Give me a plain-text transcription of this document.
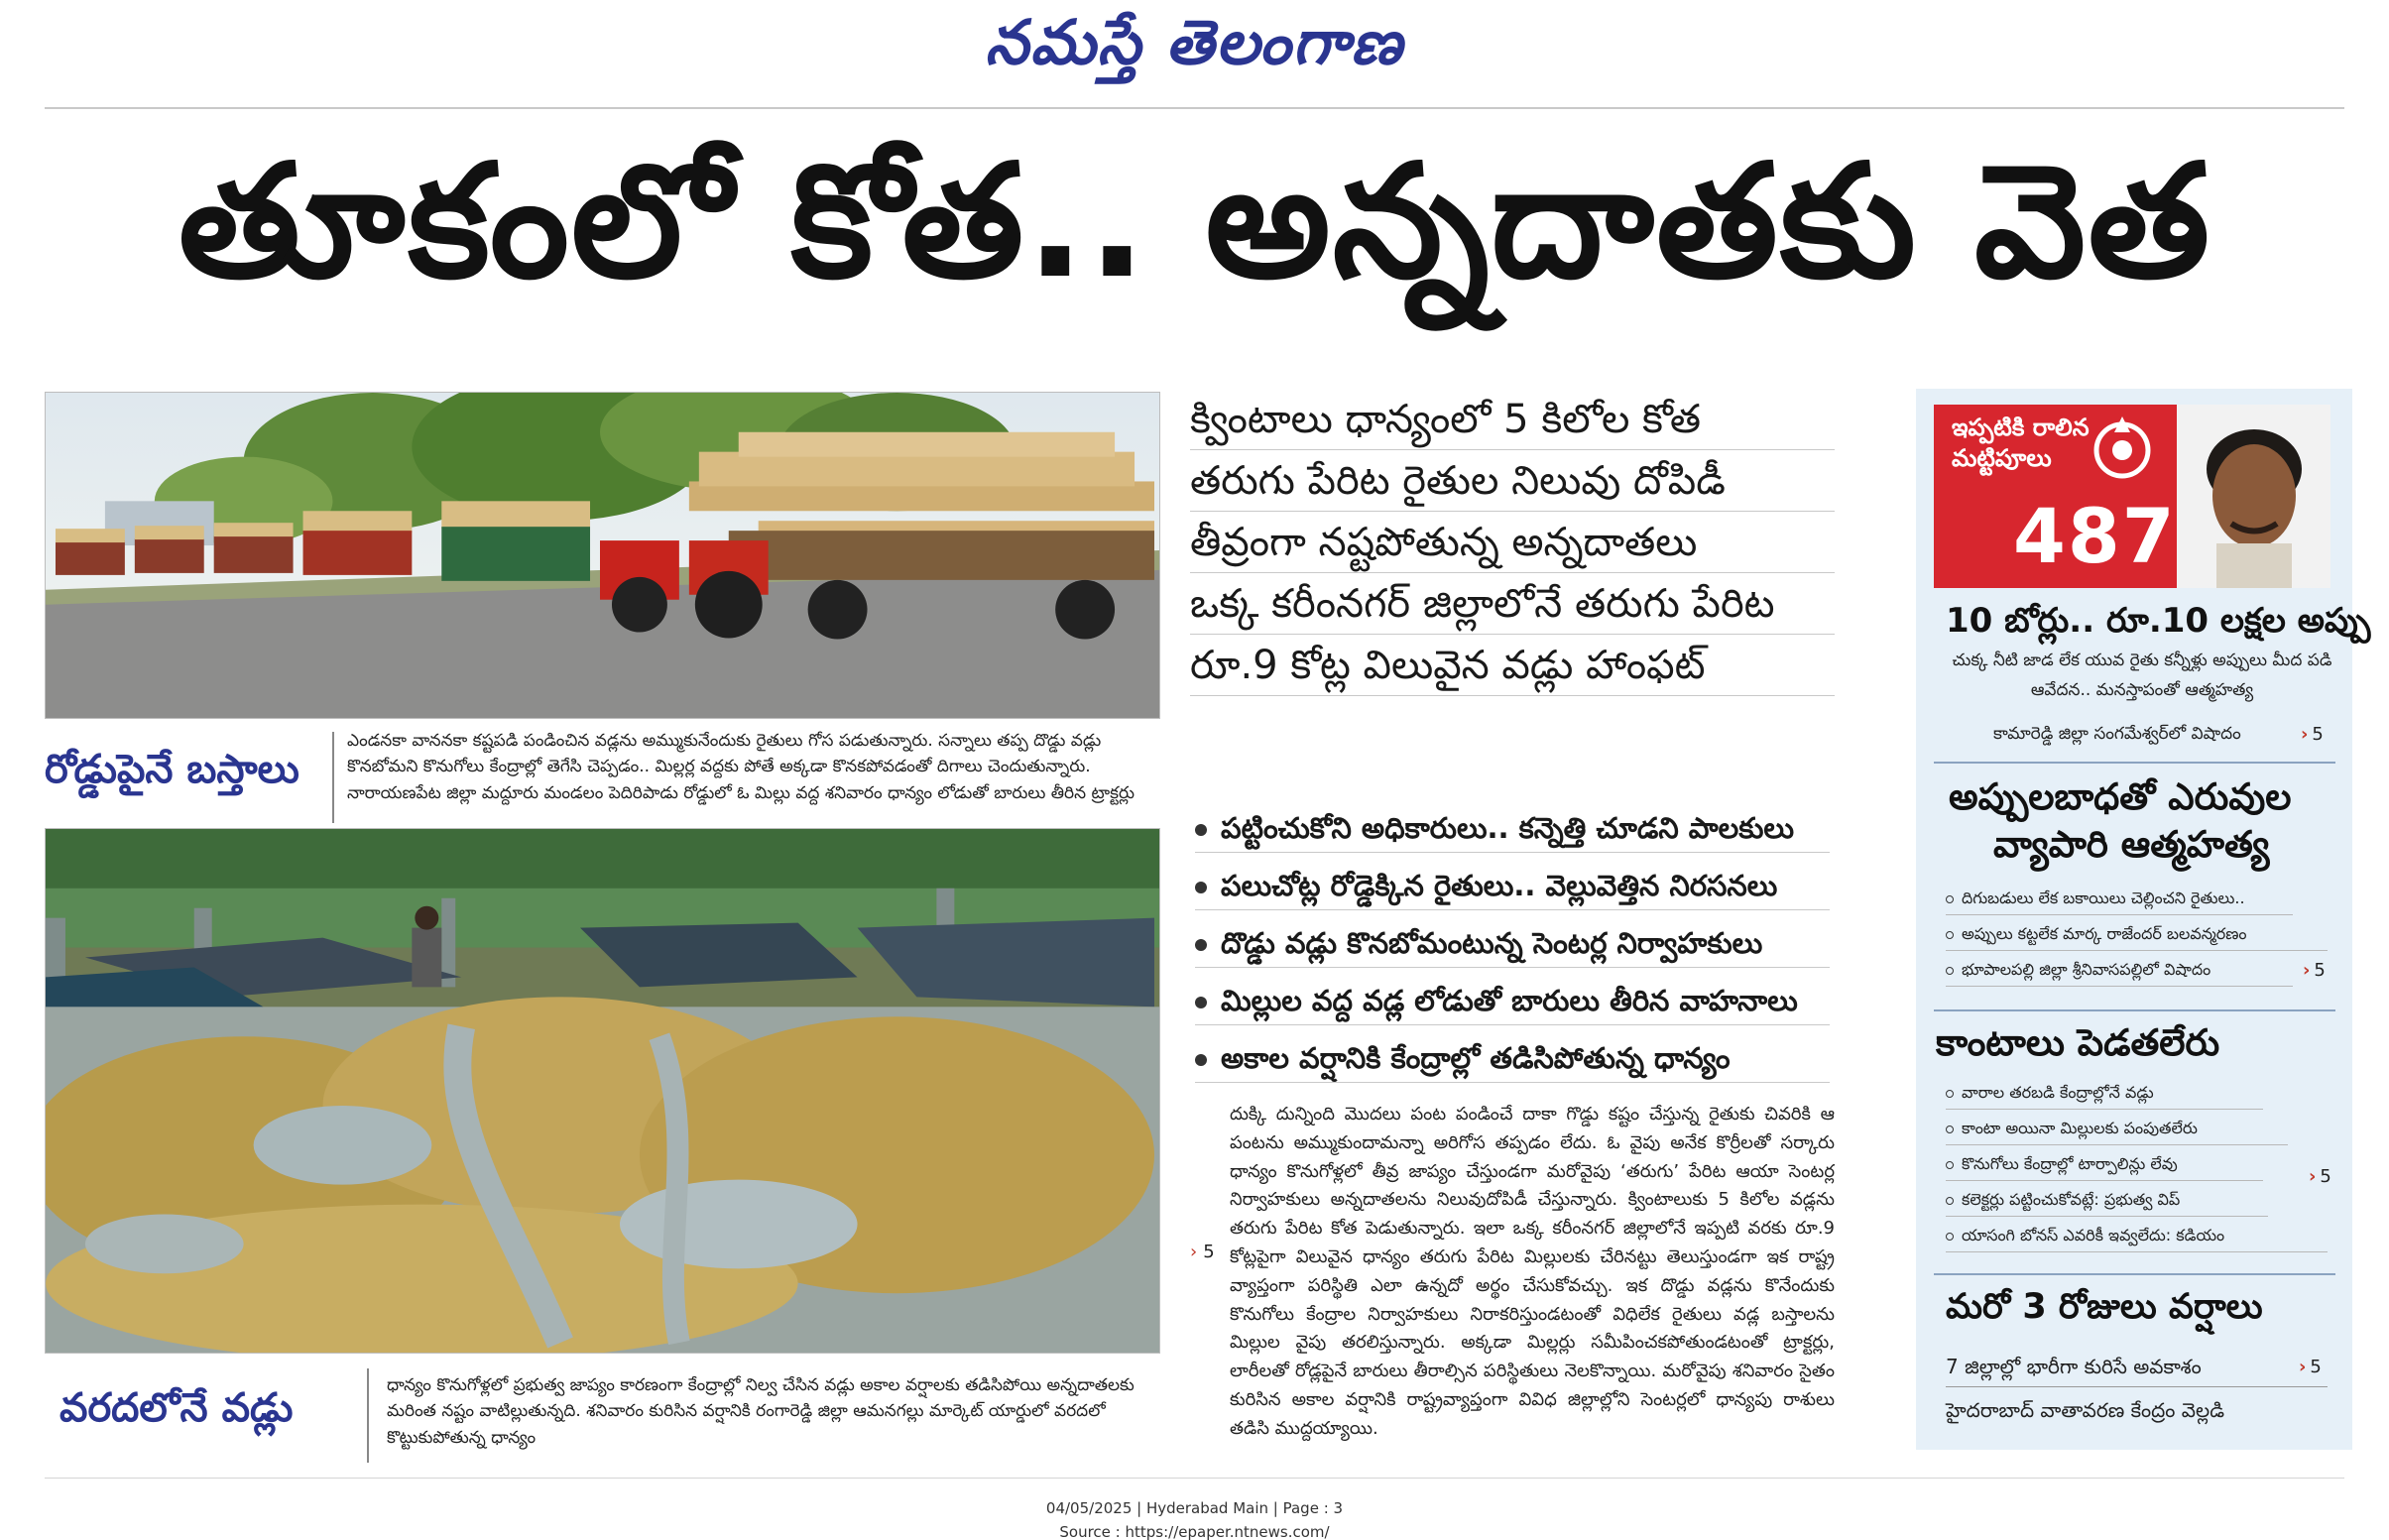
నమస్తే తెలంగాణ
తూకంలో కోత.. అన్నదాతకు వెత
రోడ్డుపైనే బస్తాలు
ఎండనకా వాననకా కష్టపడి పండించిన వడ్లను అమ్ముకునేందుకు రైతులు గోస పడుతున్నారు. సన్నాలు తప్ప దొడ్డు వడ్లు కొనబోమని కొనుగోలు కేంద్రాల్లో తెగేసి చెప్పడం.. మిల్లర్ల వద్దకు పోతే అక్కడా కొనకపోవడంతో దిగాలు చెందుతున్నారు. నారాయణపేట జిల్లా మద్దూరు మండలం పెదిరిపాడు రోడ్డులో ఓ మిల్లు వద్ద శనివారం ధాన్యం లోడుతో బారులు తీరిన ట్రాక్టర్లు
వరదలోనే వడ్లు	ధాన్యం కొనుగోళ్లలో ప్రభుత్వ జాప్యం కారణంగా కేంద్రాల్లో నిల్వ చేసిన వడ్లు అకాల వర్షాలకు తడిసిపోయి అన్నదాతలకు మరింత నష్టం వాటిల్లుతున్నది. శనివారం కురిసిన వర్షానికి రంగారెడ్డి జిల్లా ఆమనగల్లు మార్కెట్ యార్డులో వరదలో కొట్టుకుపోతున్న ధాన్యం
క్వింటాలు ధాన్యంలో 5 కిలోల కోత
తరుగు పేరిట రైతుల నిలువు దోపిడీ
తీవ్రంగా నష్టపోతున్న అన్నదాతలు
ఒక్క కరీంనగర్ జిల్లాలోనే తరుగు పేరిట
రూ.9 కోట్ల విలువైన వడ్లు హాంఫట్
పట్టించుకోని అధికారులు.. కన్నెత్తి చూడని పాలకులు
పలుచోట్ల రోడ్డెక్కిన రైతులు.. వెల్లువెత్తిన నిరసనలు
దొడ్డు వడ్లు కొనబోమంటున్న సెంటర్ల నిర్వాహకులు
మిల్లుల వద్ద వడ్ల లోడుతో బారులు తీరిన వాహనాలు
అకాల వర్షానికి కేంద్రాల్లో తడిసిపోతున్న ధాన్యం
› 5
దుక్కి దున్నింది మొదలు పంట పండించే దాకా గొడ్డు కష్టం చేస్తున్న రైతుకు చివరికి ఆ పంటను అమ్ముకుందామన్నా అరిగోస తప్పడం లేదు. ఓ వైపు అనేక కొర్రీలతో సర్కారు ధాన్యం కొనుగోళ్లలో తీవ్ర జాప్యం చేస్తుండగా మరోవైపు ‘తరుగు’ పేరిట ఆయా సెంటర్ల నిర్వాహకులు అన్నదాతలను నిలువుదోపిడీ చేస్తున్నారు. క్వింటాలుకు 5 కిలోల వడ్లను తరుగు పేరిట కోత పెడుతున్నారు. ఇలా ఒక్క కరీంనగర్ జిల్లాలోనే ఇప్పటి వరకు రూ.9 కోట్లపైగా విలువైన ధాన్యం తరుగు పేరిట మిల్లులకు చేరినట్టు తెలుస్తుండగా ఇక రాష్ట్ర వ్యాప్తంగా పరిస్థితి ఎలా ఉన్నదో అర్థం చేసుకోవచ్చు. ఇక దొడ్డు వడ్లను కొనేందుకు కొనుగోలు కేంద్రాల నిర్వాహకులు నిరాకరిస్తుండటంతో విధిలేక రైతులు వడ్ల బస్తాలను మిల్లుల వైపు తరలిస్తున్నారు. అక్కడా మిల్లర్లు సమీపించకపోతుండటంతో ట్రాక్టర్లు, లారీలతో రోడ్లపైనే బారులు తీరాల్సిన పరిస్థితులు నెలకొన్నాయి. మరోవైపు శనివారం సైతం కురిసిన అకాల వర్షానికి రాష్ట్రవ్యాప్తంగా వివిధ జిల్లాల్లోని సెంటర్లలో ధాన్యపు రాశులు తడిసి ముద్దయ్యాయి.
ఇప్పటికి రాలిన మట్టిపూలు
487
10 బోర్లు.. రూ.10 లక్షల అప్పు
చుక్క నీటి జాడ లేక యువ రైతు కన్నీళ్లు అప్పులు మీద పడి ఆవేదన.. మనస్తాపంతో ఆత్మహత్య
కామారెడ్డి జిల్లా సంగమేశ్వర్‌లో విషాదం	› 5
అప్పులబాధతో ఎరువుల
వ్యాపారి ఆత్మహత్య
దిగుబడులు లేక బకాయిలు చెల్లించని రైతులు..
అప్పులు కట్టలేక మార్క రాజేందర్ బలవన్మరణం
భూపాలపల్లి జిల్లా శ్రీనివాసపల్లిలో విషాదం	› 5
కాంటాలు పెడతలేరు
వారాల తరబడి కేంద్రాల్లోనే వడ్లు
కాంటా అయినా మిల్లులకు పంపుతలేరు
కొనుగోలు కేంద్రాల్లో టార్పాలిన్లు లేవు
కలెక్టర్లు పట్టించుకోవట్లే: ప్రభుత్వ విప్
యాసంగి బోనస్ ఎవరికీ ఇవ్వలేదు: కడియం
› 5
మరో 3 రోజులు వర్షాలు
7 జిల్లాల్లో భారీగా కురిసే అవకాశం	› 5
హైదరాబాద్ వాతావరణ కేంద్రం వెల్లడి
04/05/2025 | Hyderabad Main | Page : 3
Source : https://epaper.ntnews.com/
